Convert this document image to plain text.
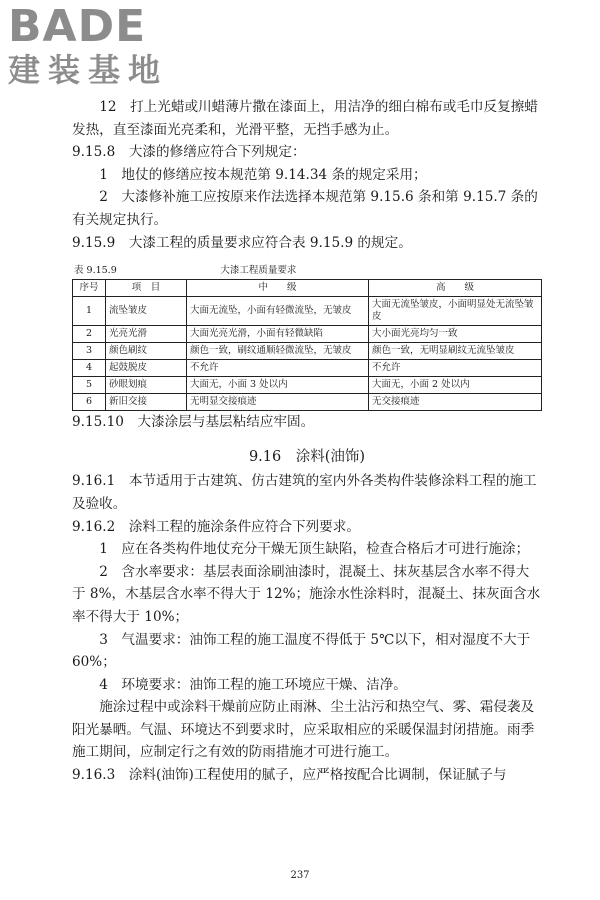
BADE
建装基地

12　打上光蜡或川蜡薄片撒在漆面上，用洁净的细白棉布或毛巾反复擦蜡发热，直至漆面光亮柔和，光滑平整，无挡手感为止。

9.15.8　大漆的修缮应符合下列规定：

1　地仗的修缮应按本规范第 9.14.34 条的规定采用；

2　大漆修补施工应按原来作法选择本规范第 9.15.6 条和第 9.15.7 条的有关规定执行。

9.15.9　大漆工程的质量要求应符合表 9.15.9 的规定。

表 9.15.9	大漆工程质量要求
序号	项　目	中　　级	高　　级
1	流坠皱皮	大面无流坠，小面有轻微流坠，无皱皮	大面无流坠皱皮，小面明显处无流坠皱皮
2	光亮光滑	大面光亮光滑，小面有轻微缺陷	大小面光亮均匀一致
3	颜色刷纹	颜色一致，刷纹通顺轻微流坠，无皱皮	颜色一致，无明显刷纹无流坠皱皮
4	起鼓脱皮	不允许	不允许
5	砂眼划痕	大面无，小面 3 处以内	大面无，小面 2 处以内
6	新旧交接	无明显交接痕迹	无交接痕迹

9.15.10　大漆涂层与基层粘结应牢固。

9.16　涂料(油饰)

9.16.1　本节适用于古建筑、仿古建筑的室内外各类构件装修涂料工程的施工及验收。

9.16.2　涂料工程的施涂条件应符合下列要求。

1　应在各类构件地仗充分干燥无顶生缺陷，检查合格后才可进行施涂；

2　含水率要求：基层表面涂刷油漆时，混凝土、抹灰基层含水率不得大于 8%，木基层含水率不得大于 12%；施涂水性涂料时，混凝土、抹灰面含水率不得大于 10%；

3　气温要求：油饰工程的施工温度不得低于 5℃以下，相对湿度不大于 60%；

4　环境要求：油饰工程的施工环境应干燥、洁净。

施涂过程中或涂料干燥前应防止雨淋、尘土沾污和热空气、雾、霜侵袭及阳光暴晒。气温、环境达不到要求时，应采取相应的采暖保温封闭措施。雨季施工期间，应制定行之有效的防雨措施才可进行施工。

9.16.3　涂料(油饰)工程使用的腻子，应严格按配合比调制，保证腻子与

237
